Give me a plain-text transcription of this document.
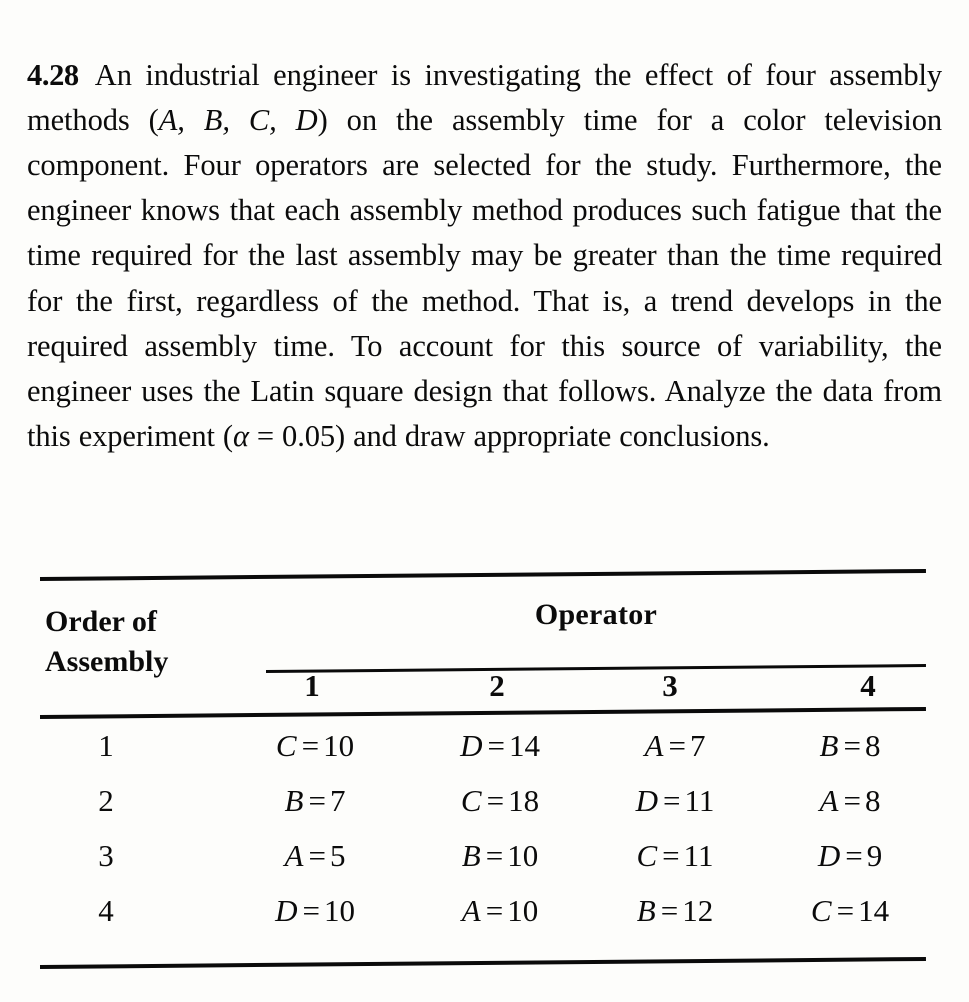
4.28 An industrial engineer is investigating the effect of four assembly methods (A, B, C, D) on the assembly time for a color television component. Four operators are selected for the study. Furthermore, the engineer knows that each assembly method produces such fatigue that the time required for the last assembly may be greater than the time required for the first, regardless of the method. That is, a trend develops in the required assembly time. To account for this source of variability, the engineer uses the Latin square design that follows. Analyze the data from this experiment (α = 0.05) and draw appropriate conclusions.

Order of
Assembly
Operator
1	2	3	4
1	C = 10	D = 14	A = 7	B = 8
2	B = 7	C = 18	D = 11	A = 8
3	A = 5	B = 10	C = 11	D = 9
4	D = 10	A = 10	B = 12	C = 14
